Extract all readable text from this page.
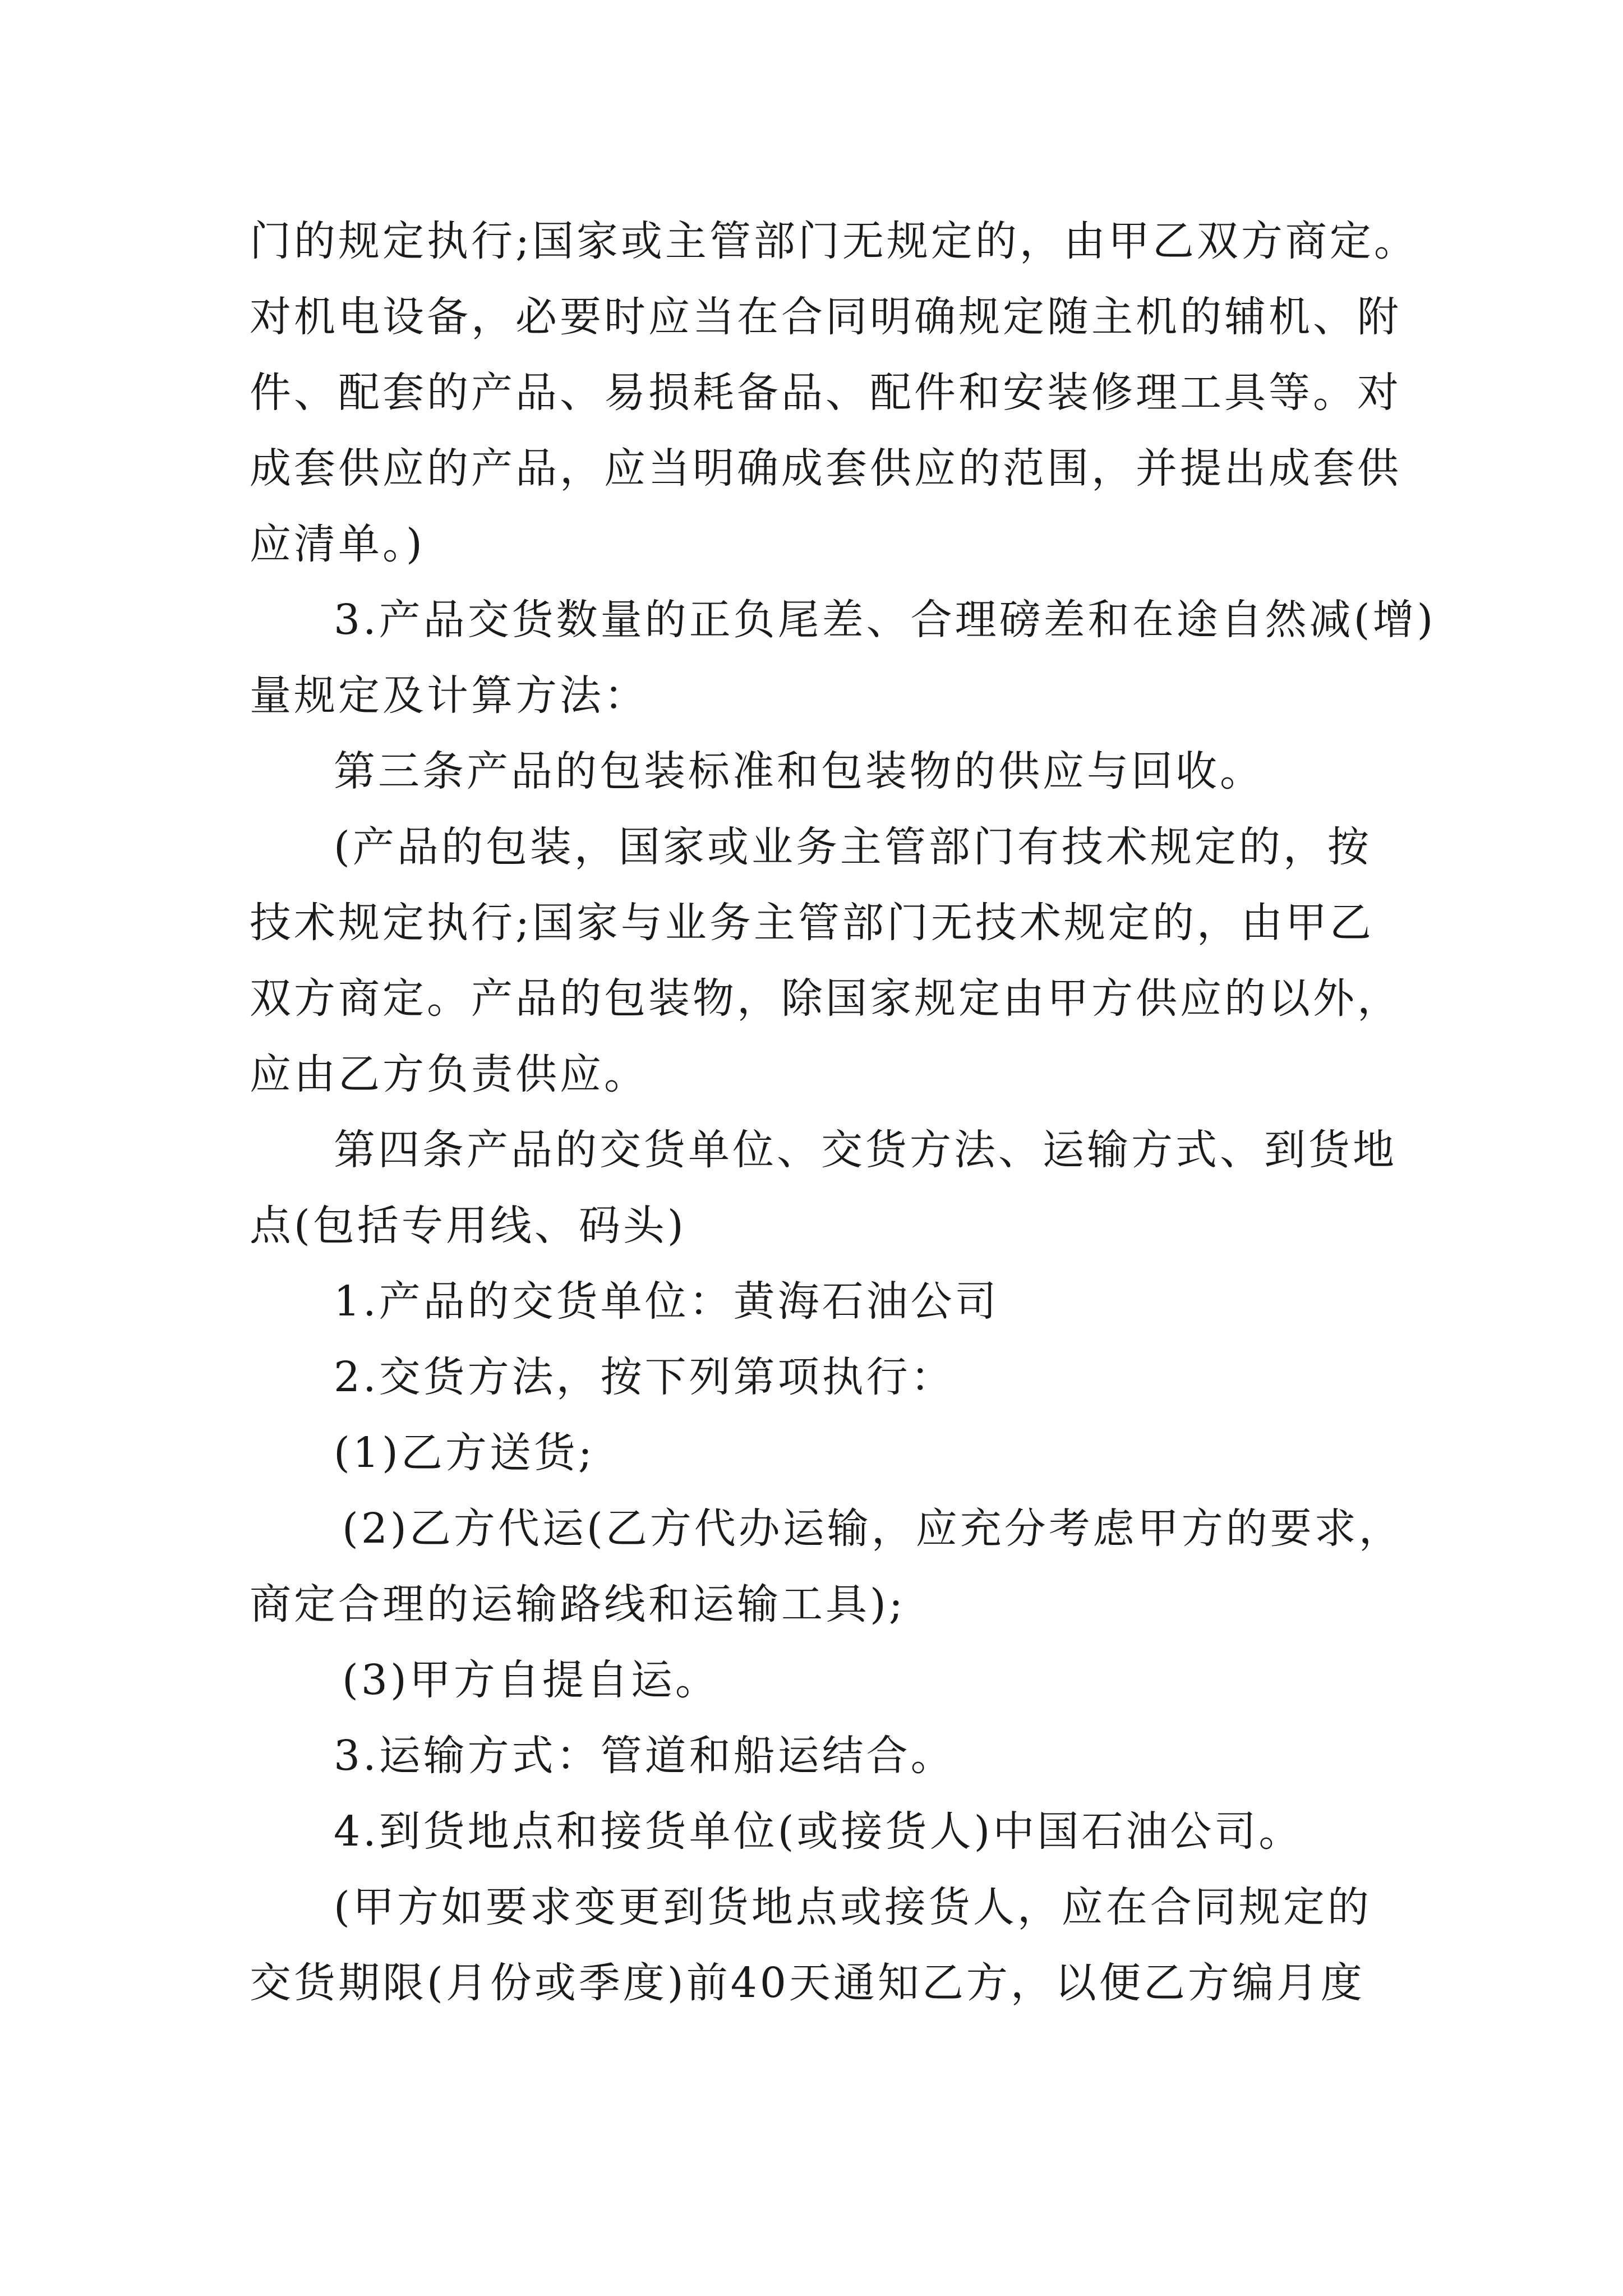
门的规定执行;国家或主管部门无规定的，由甲乙双方商定。
对机电设备，必要时应当在合同明确规定随主机的辅机、附
件、配套的产品、易损耗备品、配件和安装修理工具等。对
成套供应的产品，应当明确成套供应的范围，并提出成套供
应清单。)
3.产品交货数量的正负尾差、合理磅差和在途自然减(增)
量规定及计算方法：
第三条产品的包装标准和包装物的供应与回收。
(产品的包装，国家或业务主管部门有技术规定的，按
技术规定执行;国家与业务主管部门无技术规定的，由甲乙
双方商定。产品的包装物，除国家规定由甲方供应的以外，
应由乙方负责供应。
第四条产品的交货单位、交货方法、运输方式、到货地
点(包括专用线、码头)
1.产品的交货单位：黄海石油公司
2.交货方法，按下列第项执行：
(1)乙方送货;
(2)乙方代运(乙方代办运输，应充分考虑甲方的要求，
商定合理的运输路线和运输工具);
(3)甲方自提自运。
3.运输方式：管道和船运结合。
4.到货地点和接货单位(或接货人)中国石油公司。
(甲方如要求变更到货地点或接货人，应在合同规定的
交货期限(月份或季度)前40天通知乙方，以便乙方编月度
